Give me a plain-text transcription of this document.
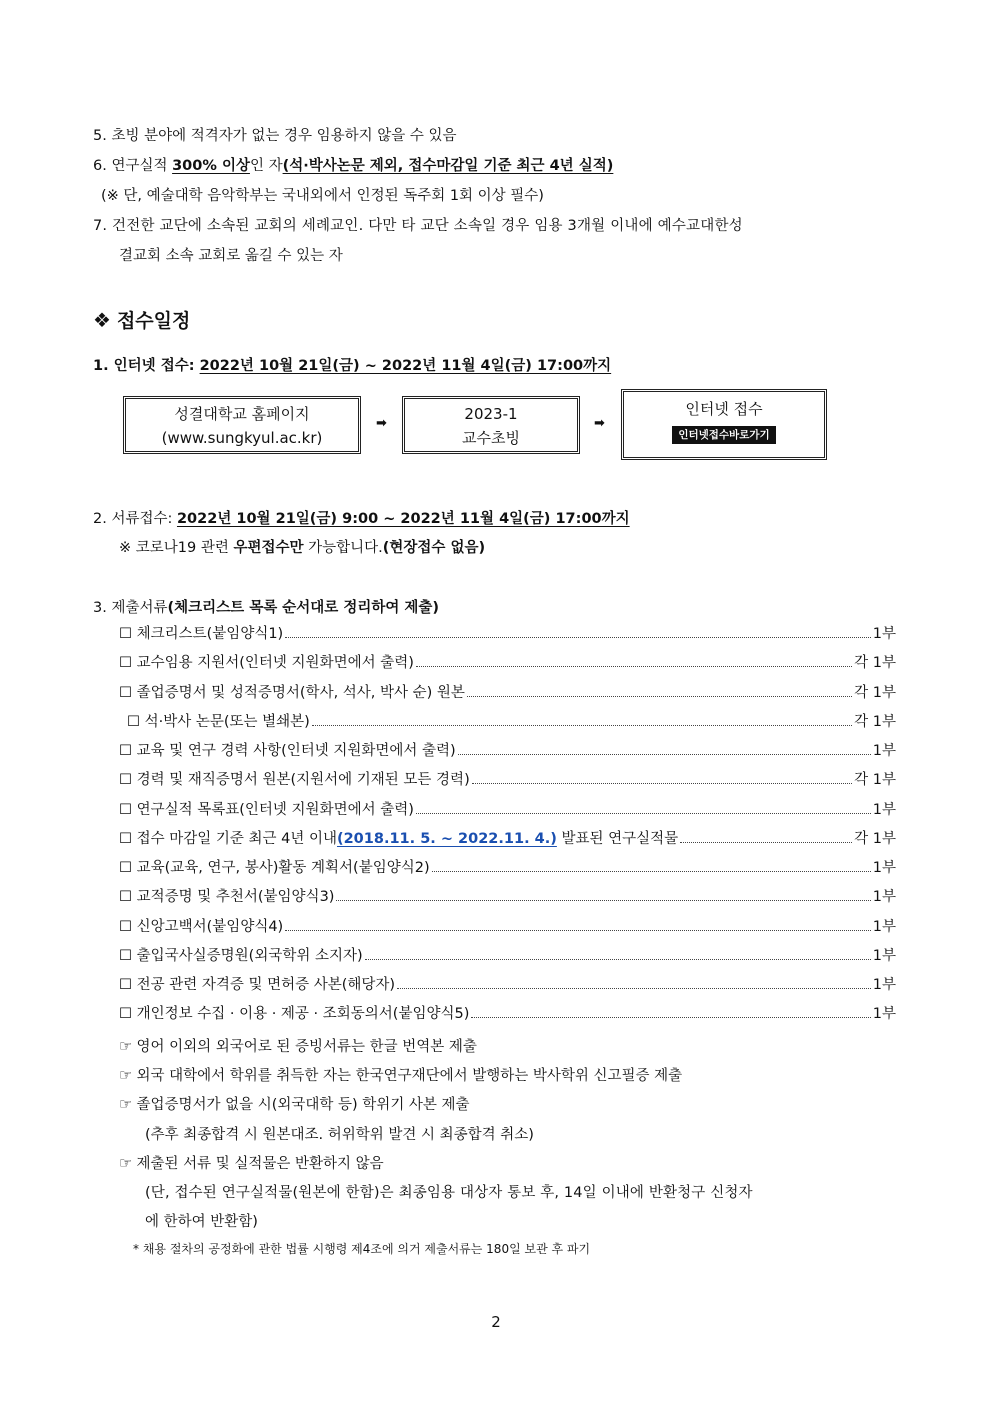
5. 초빙 분야에 적격자가 없는 경우 임용하지 않을 수 있음
6. 연구실적 300% 이상인 자(석·박사논문 제외, 접수마감일 기준 최근 4년 실적)
(※ 단, 예술대학 음악학부는 국내외에서 인정된 독주회 1회 이상 필수)
7. 건전한 교단에 소속된 교회의 세례교인. 다만 타 교단 소속일 경우 임용 3개월 이내에 예수교대한성
결교회 소속 교회로 옮길 수 있는 자
❖ 접수일정
1. 인터넷 접수: 2022년 10월 21일(금) ~ 2022년 11월 4일(금) 17:00까지
성결대학교 홈페이지
(www.sungkyul.ac.kr)
➡
2023-1
교수초빙
➡
인터넷 접수
인터넷접수바로가기
2. 서류접수: 2022년 10월 21일(금) 9:00 ~ 2022년 11월 4일(금) 17:00까지
※ 코로나19 관련 우편접수만 가능합니다.(현장접수 없음)
3. 제출서류(체크리스트 목록 순서대로 정리하여 제출)
☐ 체크리스트(붙임양식1)	1부
☐ 교수임용 지원서(인터넷 지원화면에서 출력)	각 1부
☐ 졸업증명서 및 성적증명서(학사, 석사, 박사 순) 원본	각 1부
☐ 석·박사 논문(또는 별쇄본)	각 1부
☐ 교육 및 연구 경력 사항(인터넷 지원화면에서 출력)	1부
☐ 경력 및 재직증명서 원본(지원서에 기재된 모든 경력)	각 1부
☐ 연구실적 목록표(인터넷 지원화면에서 출력)	1부
☐ 접수 마감일 기준 최근 4년 이내(2018.11. 5. ~ 2022.11. 4.) 발표된 연구실적물	각 1부
☐ 교육(교육, 연구, 봉사)활동 계획서(붙임양식2)	1부
☐ 교적증명 및 추천서(붙임양식3)	1부
☐ 신앙고백서(붙임양식4)	1부
☐ 출입국사실증명원(외국학위 소지자)	1부
☐ 전공 관련 자격증 및 면허증 사본(해당자)	1부
☐ 개인정보 수집 · 이용 · 제공 · 조회동의서(붙임양식5)	1부
☞ 영어 이외의 외국어로 된 증빙서류는 한글 번역본 제출
☞ 외국 대학에서 학위를 취득한 자는 한국연구재단에서 발행하는 박사학위 신고필증 제출
☞ 졸업증명서가 없을 시(외국대학 등) 학위기 사본 제출
(추후 최종합격 시 원본대조. 허위학위 발견 시 최종합격 취소)
☞ 제출된 서류 및 실적물은 반환하지 않음
(단, 접수된 연구실적물(원본에 한함)은 최종임용 대상자 통보 후, 14일 이내에 반환청구 신청자
에 한하여 반환함)
* 채용 절차의 공정화에 관한 법률 시행령 제4조에 의거 제출서류는 180일 보관 후 파기
2
